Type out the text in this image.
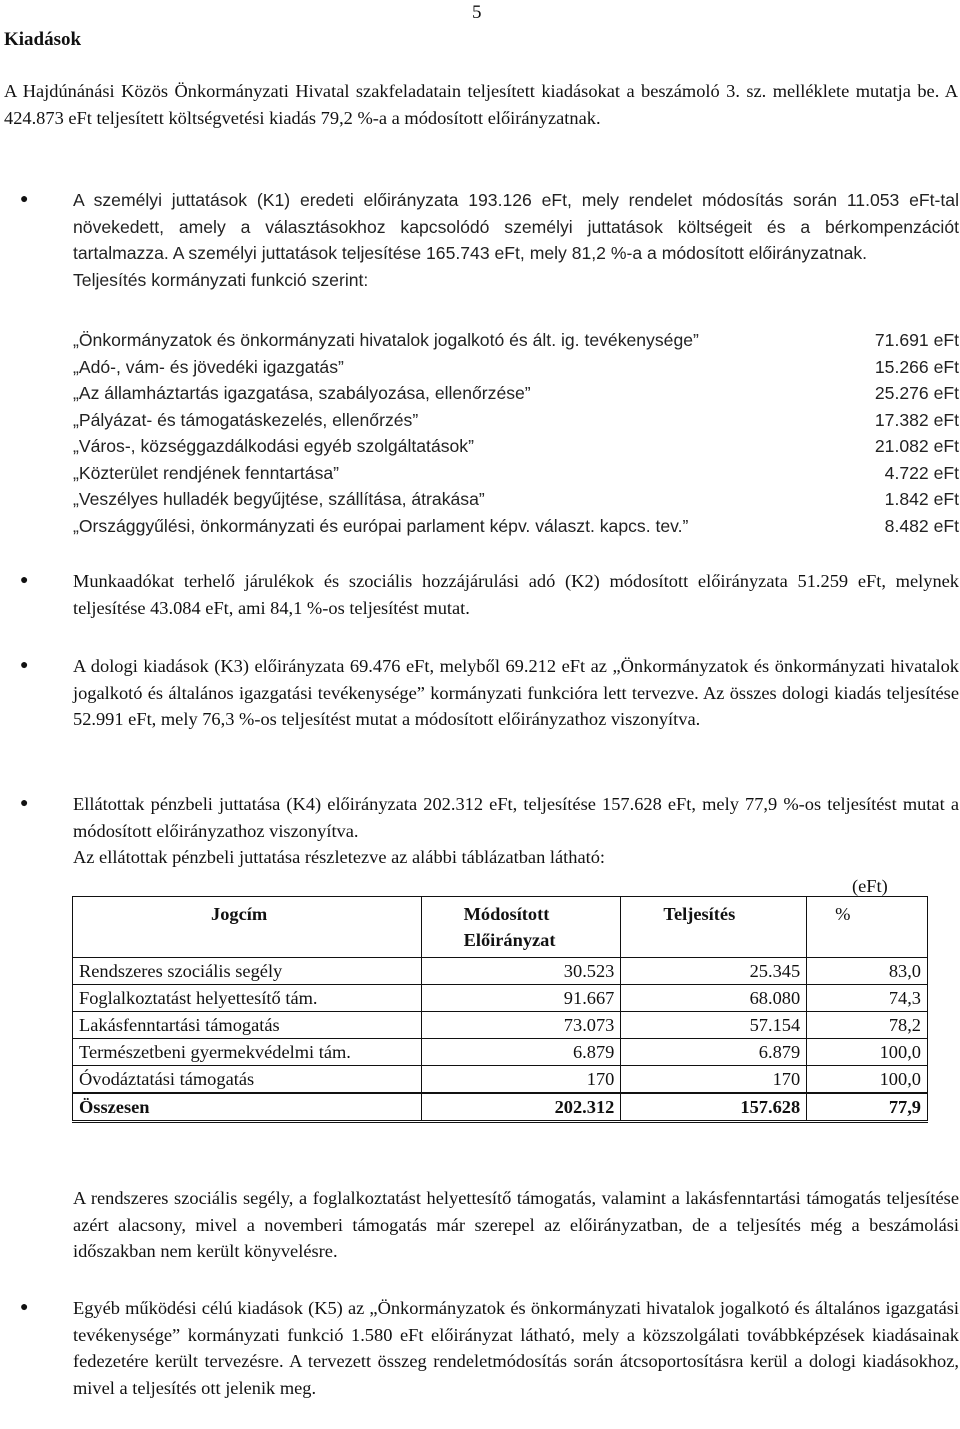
5
Kiadások
A Hajdúnánási Közös Önkormányzati Hivatal szakfeladatain teljesített kiadásokat a beszámoló 3. sz. melléklete mutatja be. A 424.873 eFt teljesített költségvetési kiadás 79,2 %-a a módosított előirányzatnak.
●	A személyi juttatások (K1) eredeti előirányzata 193.126 eFt, mely rendelet módosítás során 11.053 eFt-tal növekedett, amely a választásokhoz kapcsolódó személyi juttatások költségeit és a bérkompenzációt tartalmazza. A személyi juttatások teljesítése 165.743 eFt, mely 81,2 %-a a módosított előirányzatnak.
Teljesítés kormányzati funkció szerint:
„Önkormányzatok és önkormányzati hivatalok jogalkotó és ált. ig. tevékenysége”	71.691 eFt
„Adó-, vám- és jövedéki igazgatás”	15.266 eFt
„Az államháztartás igazgatása, szabályozása, ellenőrzése”	25.276 eFt
„Pályázat- és támogatáskezelés, ellenőrzés”	17.382 eFt
„Város-, községgazdálkodási egyéb szolgáltatások”	21.082 eFt
„Közterület rendjének fenntartása”	4.722 eFt
„Veszélyes hulladék begyűjtése, szállítása, átrakása”	1.842 eFt
„Országgyűlési, önkormányzati és európai parlament képv. választ. kapcs. tev.”	8.482 eFt
● Munkaadókat terhelő járulékok és szociális hozzájárulási adó (K2) módosított előirányzata 51.259 eFt, melynek teljesítése 43.084 eFt, ami 84,1 %-os teljesítést mutat.
● A dologi kiadások (K3) előirányzata 69.476 eFt, melyből 69.212 eFt az „Önkormányzatok és önkormányzati hivatalok jogalkotó és általános igazgatási tevékenysége” kormányzati funkcióra lett tervezve. Az összes dologi kiadás teljesítése 52.991 eFt, mely 76,3 %-os teljesítést mutat a módosított előirányzathoz viszonyítva.
● Ellátottak pénzbeli juttatása (K4) előirányzata 202.312 eFt, teljesítése 157.628 eFt, mely 77,9 %-os teljesítést mutat a módosított előirányzathoz viszonyítva.
Az ellátottak pénzbeli juttatása részletezve az alábbi táblázatban látható:
(eFt)
Jogcím	Módosított Előirányzat	Teljesítés	%
Rendszeres szociális segély	30.523	25.345	83,0
Foglalkoztatást helyettesítő tám.	91.667	68.080	74,3
Lakásfenntartási támogatás	73.073	57.154	78,2
Természetbeni gyermekvédelmi tám.	6.879	6.879	100,0
Óvodáztatási támogatás	170	170	100,0
Összesen	202.312	157.628	77,9
A rendszeres szociális segély, a foglalkoztatást helyettesítő támogatás, valamint a lakásfenntartási támogatás teljesítése azért alacsony, mivel a novemberi támogatás már szerepel az előirányzatban, de a teljesítés még a beszámolási időszakban nem került könyvelésre.
● Egyéb működési célú kiadások (K5) az „Önkormányzatok és önkormányzati hivatalok jogalkotó és általános igazgatási tevékenysége” kormányzati funkció 1.580 eFt előirányzat látható, mely a közszolgálati továbbképzések kiadásainak fedezetére került tervezésre. A tervezett összeg rendeletmódosítás során átcsoportosításra kerül a dologi kiadásokhoz, mivel a teljesítés ott jelenik meg.
